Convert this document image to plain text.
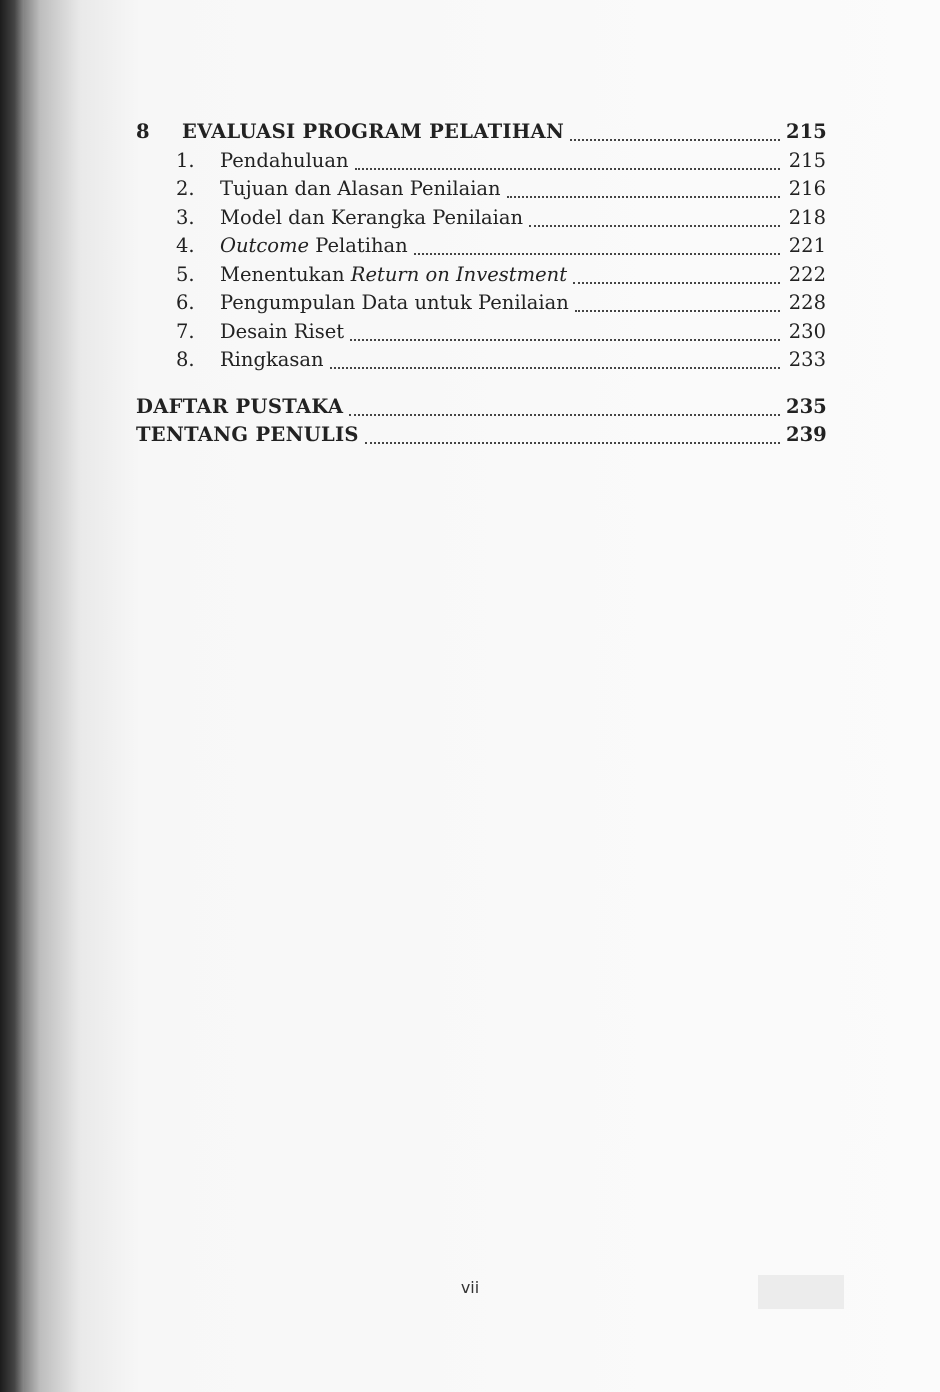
8	EVALUASI PROGRAM PELATIHAN	215
1.	Pendahuluan	215
2.	Tujuan dan Alasan Penilaian	216
3.	Model dan Kerangka Penilaian	218
4.	Outcome Pelatihan	221
5.	Menentukan Return on Investment	222
6.	Pengumpulan Data untuk Penilaian	228
7.	Desain Riset	230
8.	Ringkasan	233
DAFTAR PUSTAKA	235
TENTANG PENULIS	239
vii
